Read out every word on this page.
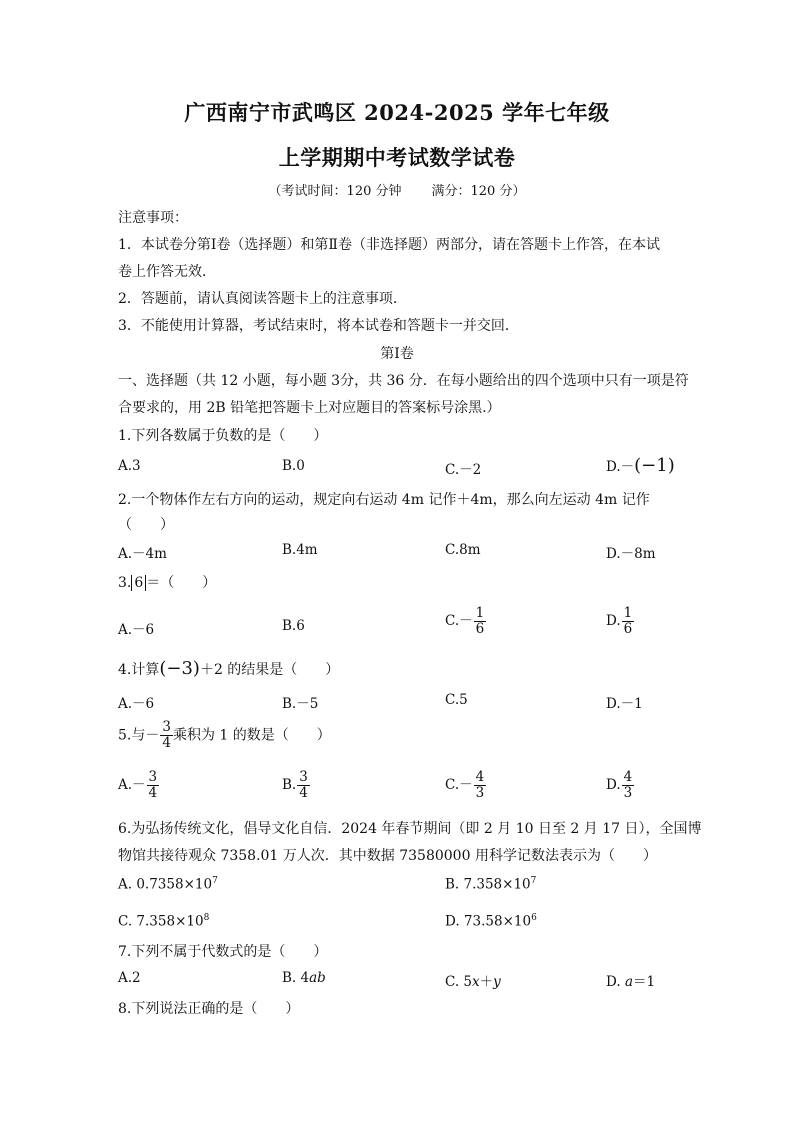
广西南宁市武鸣区 2024-2025 学年七年级
上学期期中考试数学试卷
（考试时间：120 分钟 满分：120 分）
注意事项：
1．本试卷分第Ⅰ卷（选择题）和第Ⅱ卷（非选择题）两部分，请在答题卡上作答，在本试
卷上作答无效．
2．答题前，请认真阅读答题卡上的注意事项．
3．不能使用计算器，考试结束时，将本试卷和答题卡一并交回．
第Ⅰ卷
一、选择题（共 12 小题，每小题 3分，共 36 分．在每小题给出的四个选项中只有一项是符
合要求的，用 2B 铅笔把答题卡上对应题目的答案标号涂黑.）
1.下列各数属于负数的是（　　）
A.3	B.0	C.－2	D.－(−1)
2.一个物体作左右方向的运动，规定向右运动 4m 记作＋4m，那么向左运动 4m 记作
（　　）
A.－4m	B.4m	C.8m	D.－8m
3. 6 ＝（　　）
A.－6	B.6	$C.- \frac{1}{6}$	D. $\frac{1}{6}$
4.计算(−3)＋2 的结果是（　　）
A.－6	B.－5	C.5	D.－1
5.与－ $\frac{3}{4}$ 乘积为 1 的数是（　　）
$A.- \frac{3}{4}$	B. $\frac{3}{4}$	$C.- \frac{4}{3}$	D. $\frac{4}{3}$
6.为弘扬传统文化，倡导文化自信．2024 年春节期间（即 2 月 10 日至 2 月 17 日），全国博
物馆共接待观众 7358.01 万人次．其中数据 73580000 用科学记数法表示为（　　）
A. $0.7358\times 10^7$	B. $7.358\times 10^7$
C. $7.358\times 10^8$	D. $73.58\times 10^6$
7.下列不属于代数式的是（　　）
A.2	B. 4ab	C. 5x＋y	D. a＝1
8.下列说法正确的是（　　）
